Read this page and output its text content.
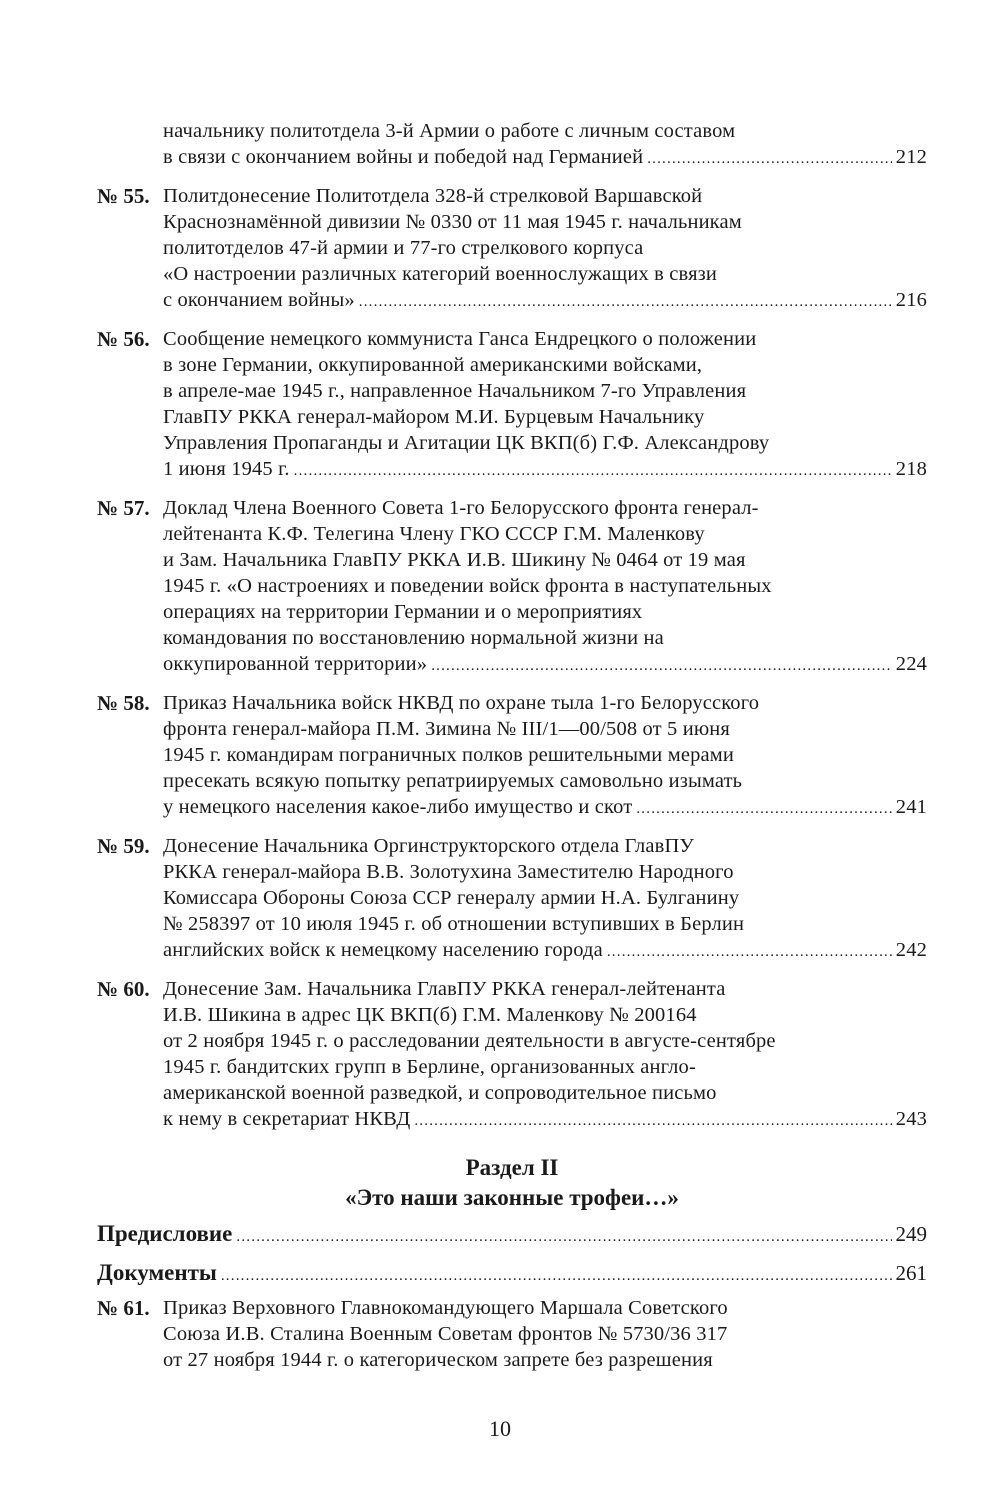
начальнику политотдела 3-й Армии о работе с личным составом
в связи с окончанием войны и победой над Германией .....	212
№ 55. Политдонесение Политотдела 328-й стрелковой Варшавской
Краснознамённой дивизии № 0330 от 11 мая 1945 г. начальникам
политотделов 47-й армии и 77-го стрелкового корпуса
«О настроении различных категорий военнослужащих в связи
с окончанием войны» .....	216
№ 56. Сообщение немецкого коммуниста Ганса Ендрецкого о положении
в зоне Германии, оккупированной американскими войсками,
в апреле-мае 1945 г., направленное Начальником 7-го Управления
ГлавПУ РККА генерал-майором М.И. Бурцевым Начальнику
Управления Пропаганды и Агитации ЦК ВКП(б) Г.Ф. Александрову
1 июня 1945 г. .....	218
№ 57. Доклад Члена Военного Совета 1-го Белорусского фронта генерал-
лейтенанта К.Ф. Телегина Члену ГКО СССР Г.М. Маленкову
и Зам. Начальника ГлавПУ РККА И.В. Шикину № 0464 от 19 мая
1945 г. «О настроениях и поведении войск фронта в наступательных
операциях на территории Германии и о мероприятиях
командования по восстановлению нормальной жизни на
оккупированной территории» .....	224
№ 58. Приказ Начальника войск НКВД по охране тыла 1-го Белорусского
фронта генерал-майора П.М. Зимина № III/1—00/508 от 5 июня
1945 г. командирам пограничных полков решительными мерами
пресекать всякую попытку репатриируемых самовольно изымать
у немецкого населения какое-либо имущество и скот .....	241
№ 59. Донесение Начальника Оргинструкторского отдела ГлавПУ
РККА генерал-майора В.В. Золотухина Заместителю Народного
Комиссара Обороны Союза ССР генералу армии Н.А. Булганину
№ 258397 от 10 июля 1945 г. об отношении вступивших в Берлин
английских войск к немецкому населению города .....	242
№ 60. Донесение Зам. Начальника ГлавПУ РККА генерал-лейтенанта
И.В. Шикина в адрес ЦК ВКП(б) Г.М. Маленкову № 200164
от 2 ноября 1945 г. о расследовании деятельности в августе-сентябре
1945 г. бандитских групп в Берлине, организованных англо-
американской военной разведкой, и сопроводительное письмо
к нему в секретариат НКВД .....	243
Раздел II
«Это наши законные трофеи…»
Предисловие .....	249
Документы .....	261
№ 61. Приказ Верховного Главнокомандующего Маршала Советского
Союза И.В. Сталина Военным Советам фронтов № 5730/36 317
от 27 ноября 1944 г. о категорическом запрете без разрешения
10
